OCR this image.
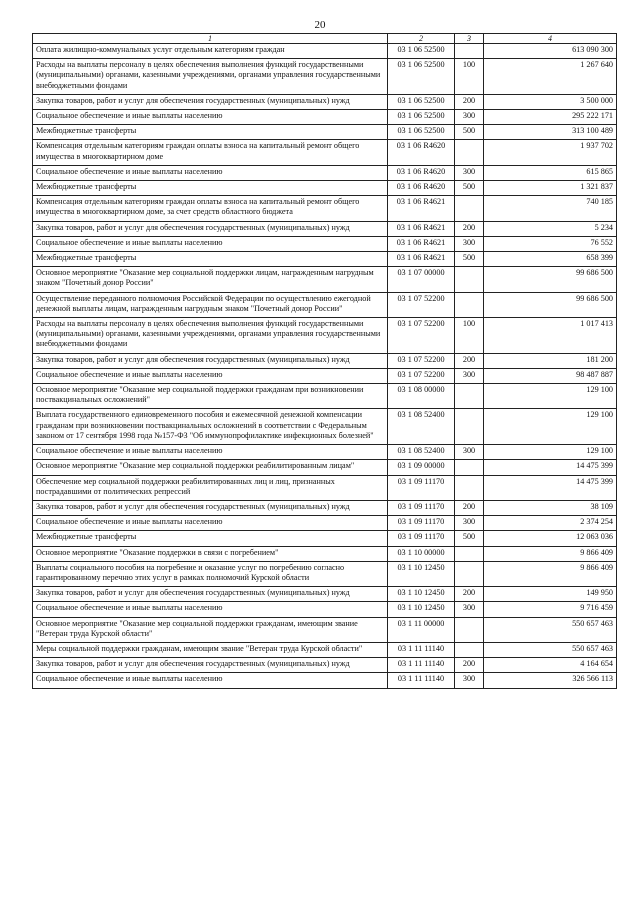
20
1	2	3	4
Оплата жилищно-коммунальных услуг отдельным категориям граждан	03 1 06 52500		613 090 300
Расходы на выплаты персоналу в целях обеспечения выполнения функций государственными (муниципальными) органами, казенными учреждениями, органами управления государственными внебюджетными фондами	03 1 06 52500	100	1 267 640
Закупка товаров, работ и услуг для обеспечения государственных (муниципальных) нужд	03 1 06 52500	200	3 500 000
Социальное обеспечение и иные выплаты населению	03 1 06 52500	300	295 222 171
Межбюджетные трансферты	03 1 06 52500	500	313 100 489
Компенсация отдельным категориям граждан оплаты взноса на капитальный ремонт общего имущества в многоквартирном доме	03 1 06 R4620		1 937 702
Социальное обеспечение и иные выплаты населению	03 1 06 R4620	300	615 865
Межбюджетные трансферты	03 1 06 R4620	500	1 321 837
Компенсация отдельным категориям граждан оплаты взноса на капитальный ремонт общего имущества в многоквартирном доме, за счет средств областного бюджета	03 1 06 R4621		740 185
Закупка товаров, работ и услуг для обеспечения государственных (муниципальных) нужд	03 1 06 R4621	200	5 234
Социальное обеспечение и иные выплаты населению	03 1 06 R4621	300	76 552
Межбюджетные трансферты	03 1 06 R4621	500	658 399
Основное мероприятие "Оказание мер социальной поддержки лицам, награжденным нагрудным знаком "Почетный донор России"	03 1 07 00000		99 686 500
Осуществление переданного полномочия Российской Федерации по осуществлению ежегодной денежной выплаты лицам, награжденным нагрудным знаком "Почетный донор России"	03 1 07 52200		99 686 500
Расходы на выплаты персоналу в целях обеспечения выполнения функций государственными (муниципальными) органами, казенными учреждениями, органами управления государственными внебюджетными фондами	03 1 07 52200	100	1 017 413
Закупка товаров, работ и услуг для обеспечения государственных (муниципальных) нужд	03 1 07 52200	200	181 200
Социальное обеспечение и иные выплаты населению	03 1 07 52200	300	98 487 887
Основное мероприятие "Оказание мер социальной поддержки гражданам при возникновении поствакцинальных осложнений"	03 1 08 00000		129 100
Выплата государственного единовременного пособия и ежемесячной денежной компенсации гражданам при возникновении поствакцинальных осложнений в соответствии с Федеральным законом от 17 сентября 1998 года №157-ФЗ "Об иммунопрофилактике инфекционных болезней"	03 1 08 52400		129 100
Социальное обеспечение и иные выплаты населению	03 1 08 52400	300	129 100
Основное мероприятие "Оказание мер социальной поддержки реабилитированным лицам"	03 1 09 00000		14 475 399
Обеспечение мер социальной поддержки реабилитированных лиц и лиц, признанных пострадавшими от политических репрессий	03 1 09 11170		14 475 399
Закупка товаров, работ и услуг для обеспечения государственных (муниципальных) нужд	03 1 09 11170	200	38 109
Социальное обеспечение и иные выплаты населению	03 1 09 11170	300	2 374 254
Межбюджетные трансферты	03 1 09 11170	500	12 063 036
Основное мероприятие "Оказание поддержки в связи с погребением"	03 1 10 00000		9 866 409
Выплаты социального пособия на погребение и оказание услуг по погребению согласно гарантированному перечню этих услуг в рамках полномочий Курской области	03 1 10 12450		9 866 409
Закупка товаров, работ и услуг для обеспечения государственных (муниципальных) нужд	03 1 10 12450	200	149 950
Социальное обеспечение и иные выплаты населению	03 1 10 12450	300	9 716 459
Основное мероприятие "Оказание мер социальной поддержки гражданам, имеющим звание "Ветеран труда Курской области"	03 1 11 00000		550 657 463
Меры социальной поддержки гражданам, имеющим звание "Ветеран труда Курской области"	03 1 11 11140		550 657 463
Закупка товаров, работ и услуг для обеспечения государственных (муниципальных) нужд	03 1 11 11140	200	4 164 654
Социальное обеспечение и иные выплаты населению	03 1 11 11140	300	326 566 113
